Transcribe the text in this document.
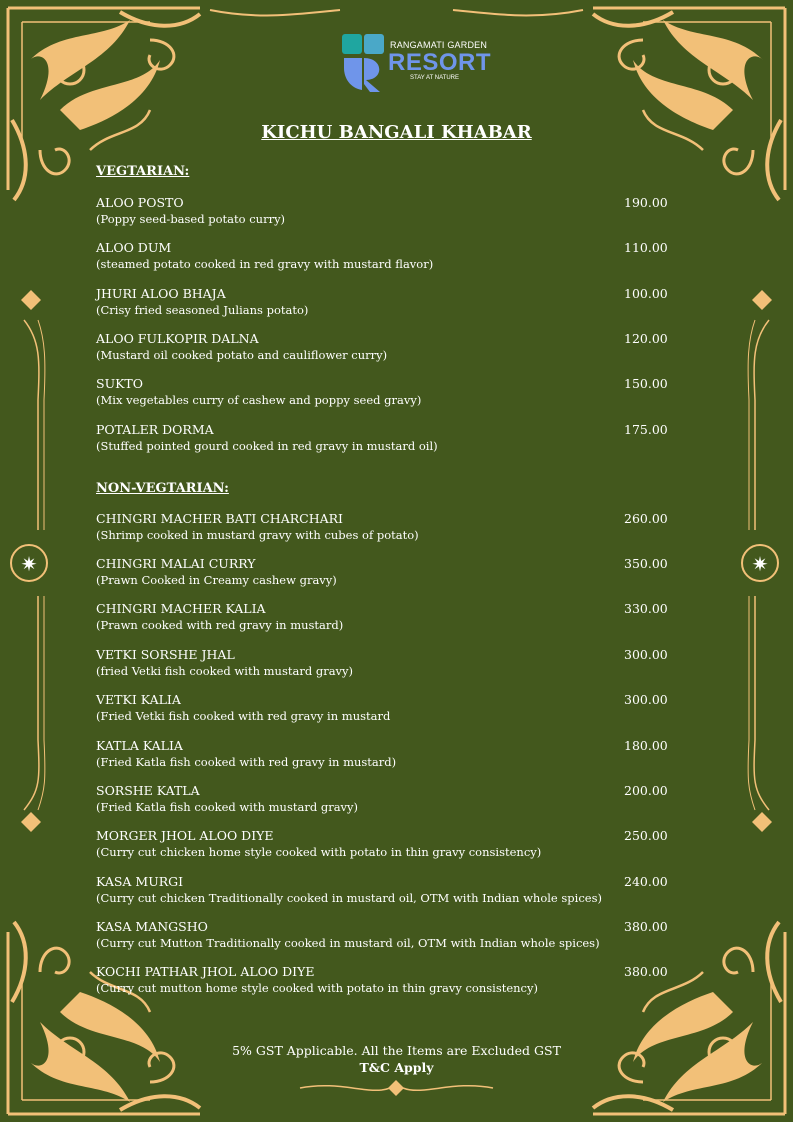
✷	✷
RANGAMATI GARDEN
RESORT
STAY AT NATURE
KICHU BANGALI KHABAR
VEGTARIAN:
ALOO POSTO
(Poppy seed-based potato curry)
190.00
ALOO DUM
(steamed potato cooked in red gravy with mustard flavor)
110.00
JHURI ALOO BHAJA
(Crisy fried seasoned Julians potato)
100.00
ALOO FULKOPIR DALNA
(Mustard oil cooked potato and cauliflower curry)
120.00
SUKTO
(Mix vegetables curry of cashew and poppy seed gravy)
150.00
POTALER DORMA
(Stuffed pointed gourd cooked in red gravy in mustard oil)
175.00
NON-VEGTARIAN:
CHINGRI MACHER BATI CHARCHARI
(Shrimp cooked in mustard gravy with cubes of potato)
260.00
CHINGRI MALAI CURRY
(Prawn Cooked in Creamy cashew gravy)
350.00
CHINGRI MACHER KALIA
(Prawn cooked with red gravy in mustard)
330.00
VETKI SORSHE JHAL
(fried Vetki fish cooked with mustard gravy)
300.00
VETKI KALIA
(Fried Vetki fish cooked with red gravy in mustard
300.00
KATLA KALIA
(Fried Katla fish cooked with red gravy in mustard)
180.00
SORSHE KATLA
(Fried Katla fish cooked with mustard gravy)
200.00
MORGER JHOL ALOO DIYE
(Curry cut chicken home style cooked with potato in thin gravy consistency)
250.00
KASA MURGI
(Curry cut chicken Traditionally cooked in mustard oil, OTM with Indian whole spices)
240.00
KASA MANGSHO
(Curry cut Mutton Traditionally cooked in mustard oil, OTM with Indian whole spices)
380.00
KOCHI PATHAR JHOL ALOO DIYE
(Curry cut mutton home style cooked with potato in thin gravy consistency)
380.00
5% GST Applicable. All the Items are Excluded GST
T&C Apply
